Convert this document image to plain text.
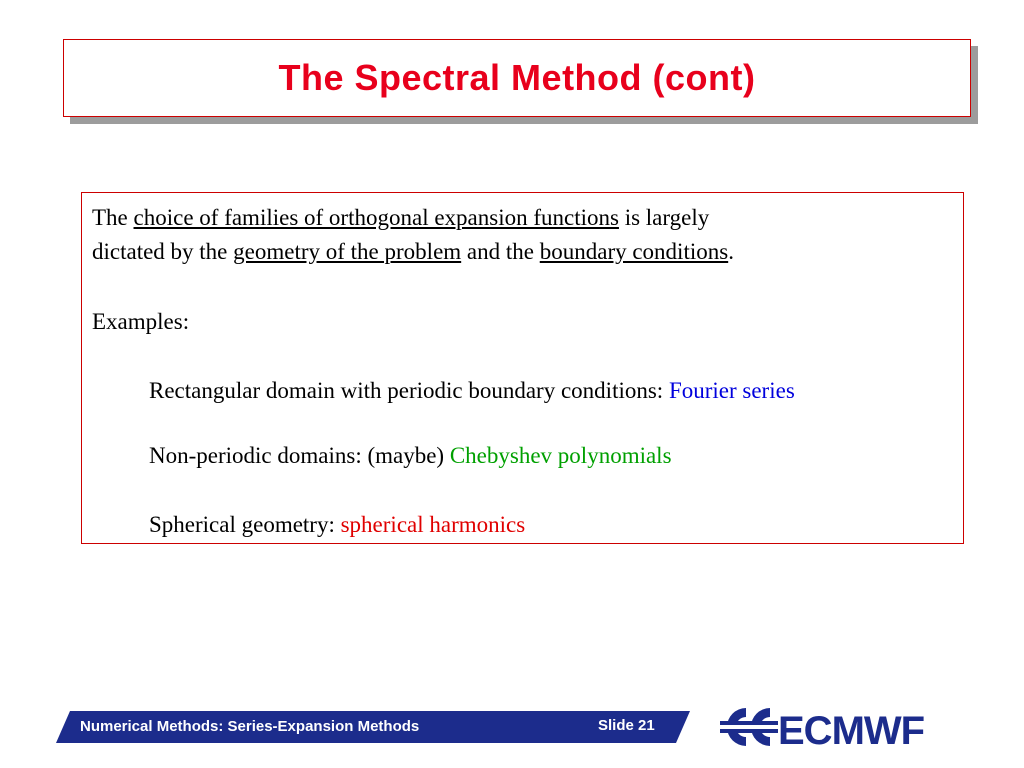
The Spectral Method (cont)
The choice of families of orthogonal expansion functions is largely
dictated by the geometry of the problem and the boundary conditions.
Examples:
Rectangular domain with periodic boundary conditions: Fourier series
Non-periodic domains: (maybe) Chebyshev polynomials
Spherical geometry: spherical harmonics
Numerical Methods: Series-Expansion Methods	Slide 21	ECMWF
